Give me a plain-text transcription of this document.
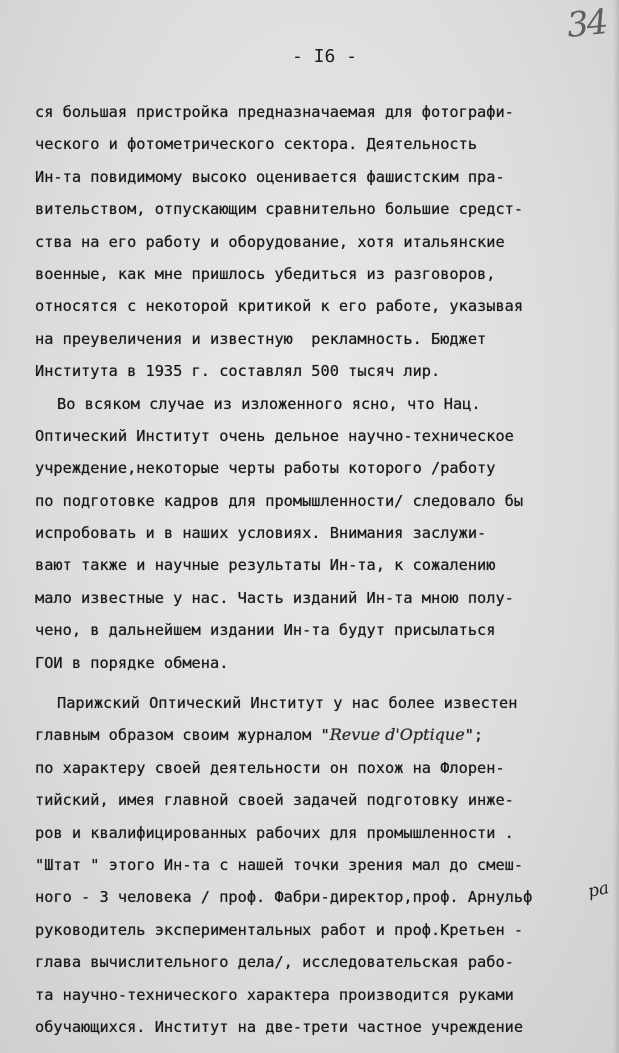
34
- I6 -
ся большая пристройка предназначаемая для фотографи-
ческого и фотометрического сектора. Деятельность
Ин-та повидимому высоко оценивается фашистским пра-
вительством, отпускающим сравнительно большие средст-
ства на его работу и оборудование, хотя итальянские
военные, как мне пришлось убедиться из разговоров,
относятся с некоторой критикой к его работе, указывая
на преувеличения и известную  рекламность. Бюджет
Института в 1935 г. составлял 500 тысяч лир.
Во всяком случае из изложенного ясно, что Нац.
Оптический Институт очень дельное научно-техническое
учреждение,некоторые черты работы которого /работу
по подготовке кадров для промышленности/ следовало бы
испробовать и в наших условиях. Внимания заслужи-
вают также и научные результаты Ин-та, к сожалению
мало известные у нас. Часть изданий Ин-та мною полу-
чено, в дальнейшем издании Ин-та будут присылаться
ГОИ в порядке обмена.
Парижский Оптический Институт у нас более известен
главным образом своим журналом "Revue d'Optique";
по характеру своей деятельности он похож на Флорен-
тийский, имея главной своей задачей подготовку инже-
ров и квалифицированных рабочих для промышленности .
"Штат " этого Ин-та с нашей точки зрения мал до смеш-
ного - 3 человека / проф. Фабри-директор,проф. Арнульф
руководитель экспериментальных работ и проф.Кретьен -
глава вычислительного дела/, исследовательская рабо-
та научно-технического характера производится руками
обучающихся. Институт на две-трети частное учреждение
ра
